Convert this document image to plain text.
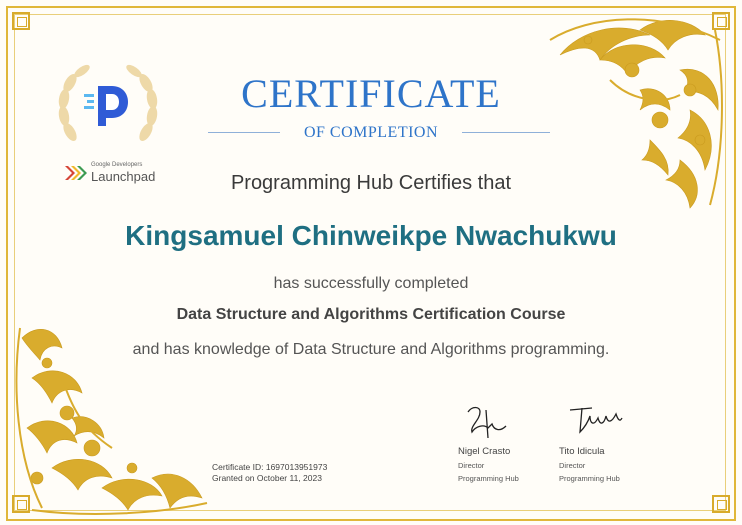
Google Developers
Launchpad
CERTIFICATE
OF COMPLETION
Programming Hub Certifies that
Kingsamuel Chinweikpe Nwachukwu
has successfully completed
Data Structure and Algorithms Certification Course
and has knowledge of Data Structure and Algorithms programming.
Certificate ID: 1697013951973
Granted on October 11, 2023
Nigel Crasto
Director
Programming Hub
Tito Idicula
Director
Programming Hub
